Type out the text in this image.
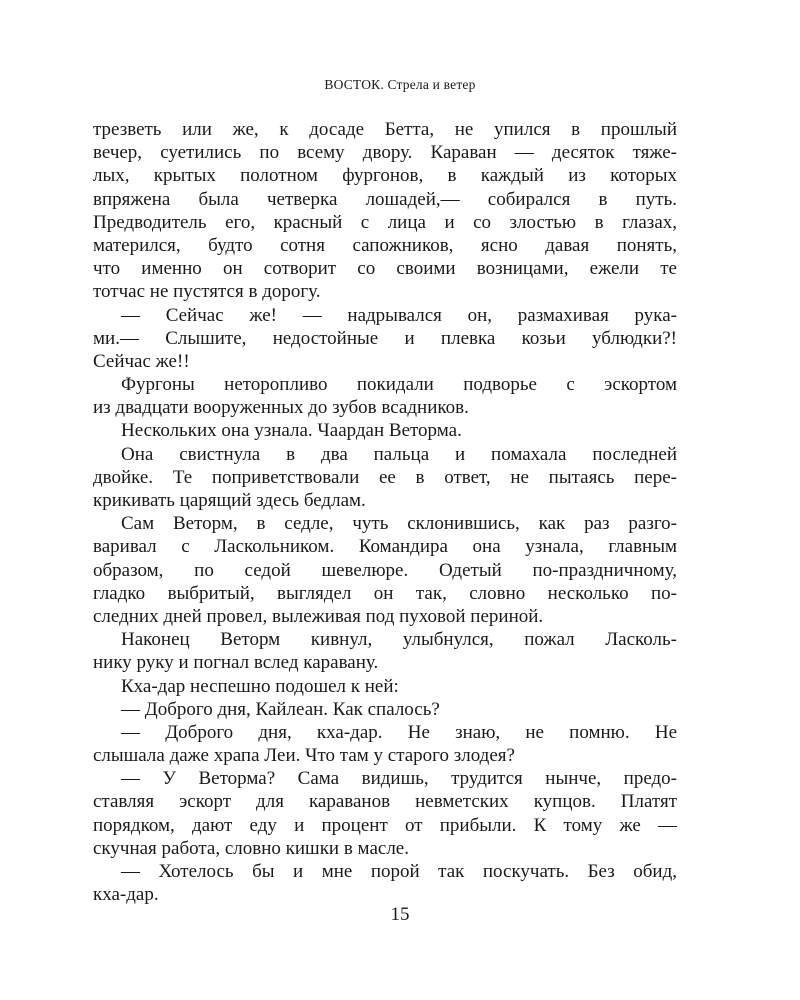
ВОСТОК. Стрела и ветер
трезветь или же, к досаде Бетта, не упился в прошлый
вечер, суетились по всему двору. Караван — десяток тяже-
лых, крытых полотном фургонов, в каждый из которых
впряжена была четверка лошадей,— собирался в путь.
Предводитель его, красный с лица и со злостью в глазах,
матерился, будто сотня сапожников, ясно давая понять,
что именно он сотворит со своими возницами, ежели те
тотчас не пустятся в дорогу.
— Сейчас же! — надрывался он, размахивая рука-
ми.— Слышите, недостойные и плевка козьи ублюдки?!
Сейчас же!!
Фургоны неторопливо покидали подворье с эскортом
из двадцати вооруженных до зубов всадников.
Нескольких она узнала. Чаардан Веторма.
Она свистнула в два пальца и помахала последней
двойке. Те поприветствовали ее в ответ, не пытаясь пере-
крикивать царящий здесь бедлам.
Сам Веторм, в седле, чуть склонившись, как раз разго-
варивал с Ласкольником. Командира она узнала, главным
образом, по седой шевелюре. Одетый по-праздничному,
гладко выбритый, выглядел он так, словно несколько по-
следних дней провел, вылеживая под пуховой периной.
Наконец Веторм кивнул, улыбнулся, пожал Ласколь-
нику руку и погнал вслед каравану.
Кха-дар неспешно подошел к ней:
— Доброго дня, Кайлеан. Как спалось?
— Доброго дня, кха-дар. Не знаю, не помню. Не
слышала даже храпа Леи. Что там у старого злодея?
— У Веторма? Сама видишь, трудится нынче, предо-
ставляя эскорт для караванов невметских купцов. Платят
порядком, дают еду и процент от прибыли. К тому же —
скучная работа, словно кишки в масле.
— Хотелось бы и мне порой так поскучать. Без обид,
кха-дар.
15
